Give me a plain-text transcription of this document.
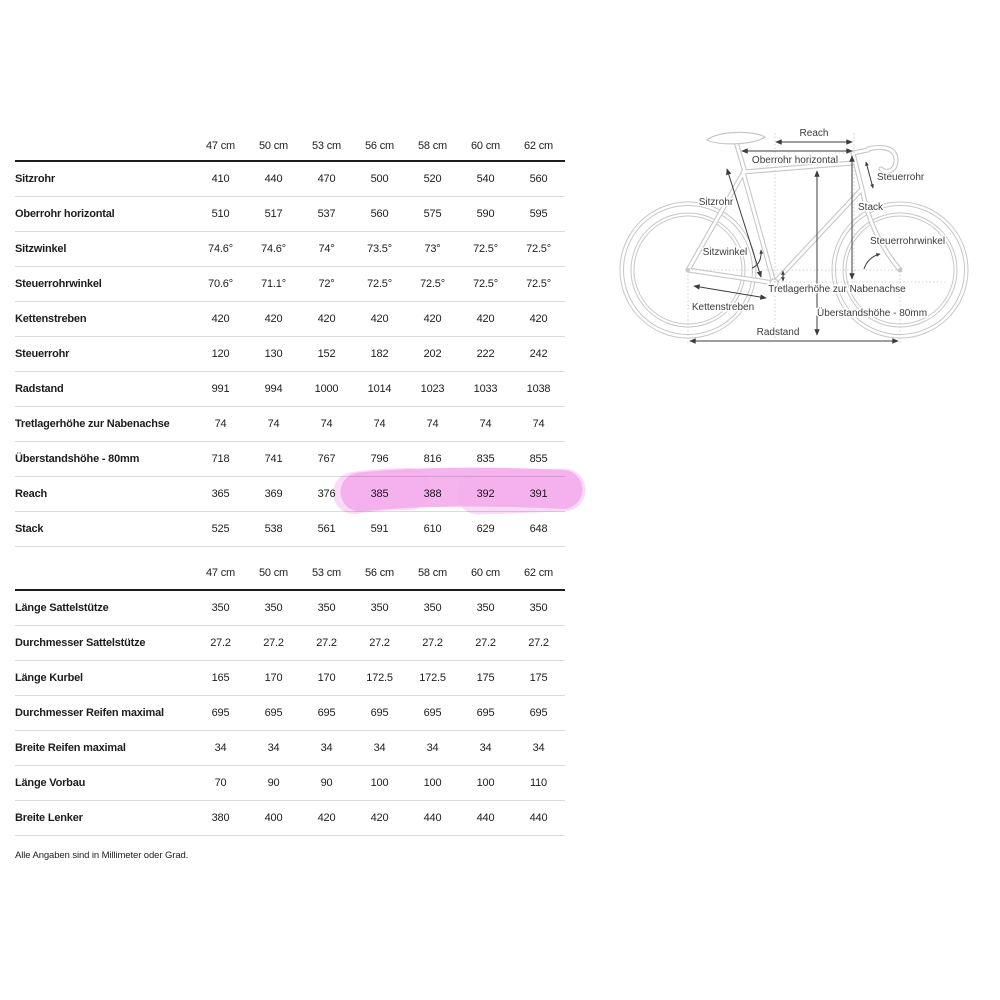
	47 cm	50 cm	53 cm	56 cm	58 cm	60 cm	62 cm
Sitzrohr	410	440	470	500	520	540	560
Oberrohr horizontal	510	517	537	560	575	590	595
Sitzwinkel	74.6°	74.6°	74°	73.5°	73°	72.5°	72.5°
Steuerrohrwinkel	70.6°	71.1°	72°	72.5°	72.5°	72.5°	72.5°
Kettenstreben	420	420	420	420	420	420	420
Steuerrohr	120	130	152	182	202	222	242
Radstand	991	994	1000	1014	1023	1033	1038
Tretlagerhöhe zur Nabenachse	74	74	74	74	74	74	74
Überstandshöhe - 80mm	718	741	767	796	816	835	855
Reach	365	369	376	385	388	392	391
Stack	525	538	561	591	610	629	648
	47 cm	50 cm	53 cm	56 cm	58 cm	60 cm	62 cm
Länge Sattelstütze	350	350	350	350	350	350	350
Durchmesser Sattelstütze	27.2	27.2	27.2	27.2	27.2	27.2	27.2
Länge Kurbel	165	170	170	172.5	172.5	175	175
Durchmesser Reifen maximal	695	695	695	695	695	695	695
Breite Reifen maximal	34	34	34	34	34	34	34
Länge Vorbau	70	90	90	100	100	100	110
Breite Lenker	380	400	420	420	440	440	440
Reach
Oberrohr horizontal
Steuerrohr
Sitzrohr	Stack
Steuerrohrwinkel
Sitzwinkel
Tretlagerhöhe zur Nabenachse
Kettenstreben
Überstandshöhe - 80mm
Radstand
Alle Angaben sind in Millimeter oder Grad.
